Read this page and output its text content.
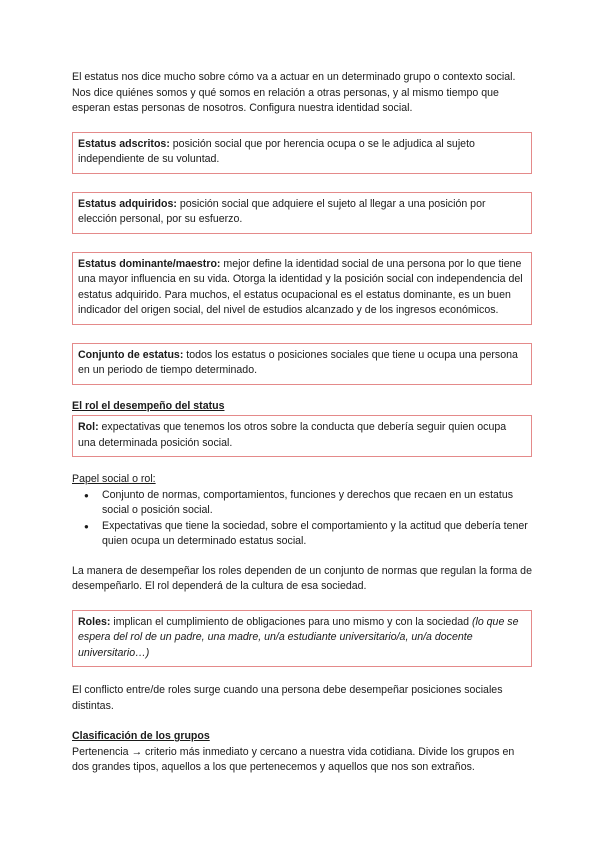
El estatus nos dice mucho sobre cómo va a actuar en un determinado grupo o contexto social. Nos dice quiénes somos y qué somos en relación a otras personas, y al mismo tiempo que esperan estas personas de nosotros. Configura nuestra identidad social.

Estatus adscritos: posición social que por herencia ocupa o se le adjudica al sujeto independiente de su voluntad.
Estatus adquiridos: posición social que adquiere el sujeto al llegar a una posición por elección personal, por su esfuerzo.
Estatus dominante/maestro: mejor define la identidad social de una persona por lo que tiene una mayor influencia en su vida. Otorga la identidad y la posición social con independencia del estatus adquirido. Para muchos, el estatus ocupacional es el estatus dominante, es un buen indicador del origen social, del nivel de estudios alcanzado y de los ingresos económicos.
Conjunto de estatus: todos los estatus o posiciones sociales que tiene u ocupa una persona en un periodo de tiempo determinado.

El rol el desempeño del status

Rol: expectativas que tenemos los otros sobre la conducta que debería seguir quien ocupa una determinada posición social.

Papel social o rol:

● Conjunto de normas, comportamientos, funciones y derechos que recaen en un estatus social o posición social.
● Expectativas que tiene la sociedad, sobre el comportamiento y la actitud que debería tener quien ocupa un determinado estatus social.

La manera de desempeñar los roles dependen de un conjunto de normas que regulan la forma de desempeñarlo. El rol dependerá de la cultura de esa sociedad.

Roles: implican el cumplimiento de obligaciones para uno mismo y con la sociedad (lo que se espera del rol de un padre, una madre, un/a estudiante universitario/a, un/a docente universitario…)

El conflicto entre/de roles surge cuando una persona debe desempeñar posiciones sociales distintas.

Clasificación de los grupos

Pertenencia → criterio más inmediato y cercano a nuestra vida cotidiana. Divide los grupos en dos grandes tipos, aquellos a los que pertenecemos y aquellos que nos son extraños.
